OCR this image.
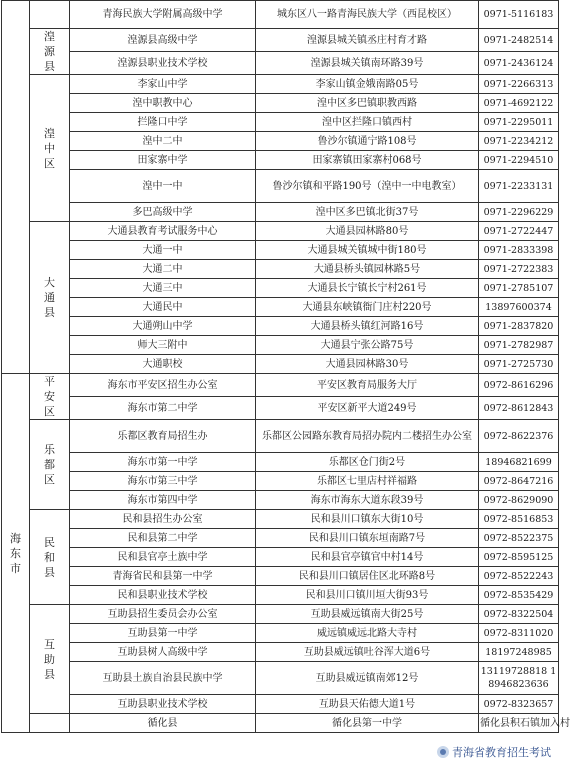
		青海民族大学附属高级中学	城东区八一路青海民族大学（西昆校区）	0971-5116183	
	湟源县	湟源县高级中学	湟源县城关镇丞庄村育才路	0971-2482514	
		湟源县职业技术学校	湟源县城关镇南环路39号	0971-2436124	
	湟中区	李家山中学	李家山镇金娥南路05号	0971-2266313	
		湟中职教中心	湟中区多巴镇职教西路	0971-4692122	
		拦隆口中学	湟中区拦隆口镇西村	0971-2295011	
		湟中二中	鲁沙尔镇通宁路108号	0971-2234212	
		田家寨中学	田家寨镇田家寨村068号	0971-2294510	
		湟中一中	鲁沙尔镇和平路190号（湟中一中电教室）	0971-2233131	
		多巴高级中学	湟中区多巴镇北街37号	0971-2296229	
	大通县	大通县教育考试服务中心	大通县园林路80号	0971-2722447	
		大通一中	大通县城关镇城中街180号	0971-2833398	
		大通二中	大通县桥头镇园林路5号	0971-2722383	
		大通三中	大通县长宁镇长宁村261号	0971-2785107	
		大通民中	大通县东峡镇衙门庄村220号	13897600374	
		大通朔山中学	大通县桥头镇红河路16号	0971-2837820	
		师大三附中	大通县宁张公路75号	0971-2782987	
		大通职校	大通县园林路30号	0971-2725730	
海东市	平安区	海东市平安区招生办公室	平安区教育局服务大厅	0972-8616296	
		海东市第二中学	平安区新平大道249号	0972-8612843	
	乐都区	乐都区教育局招生办	乐都区公园路东教育局招办院内二楼招生办公室	0972-8622376	
		海东市第一中学	乐都区仓门街2号	18946821699	
		海东市第三中学	乐都区七里店村祥福路	0972-8647216	
		海东市第四中学	海东市海东大道东段39号	0972-8629090	
	民和县	民和县招生办公室	民和县川口镇东大街10号	0972-8516853	
		民和县第二中学	民和县川口镇东垣南路7号	0972-8522375	
		民和县官亭土族中学	民和县官亭镇官中村14号	0972-8595125	
		青海省民和县第一中学	民和县川口镇居住区北环路8号	0972-8522243	
		民和县职业技术学校	民和县川口镇川垣大街93号	0972-8535429	
	互助县	互助县招生委员会办公室	互助县威远镇南大街25号	0972-8322504	
		互助县第一中学	威远镇威远北路大寺村	0972-8311020	
		互助县树人高级中学	互助县威远镇吐谷浑大道6号	18197248985	
		互助县土族自治县民族中学	互助县威远镇南郊12号	13119728818 18946823636	
		互助县职业技术学校	互助县天佑德大道1号	0972-8323657	
		循化县	循化县第一中学	循化县积石镇加入村	
青海省教育招生考试
